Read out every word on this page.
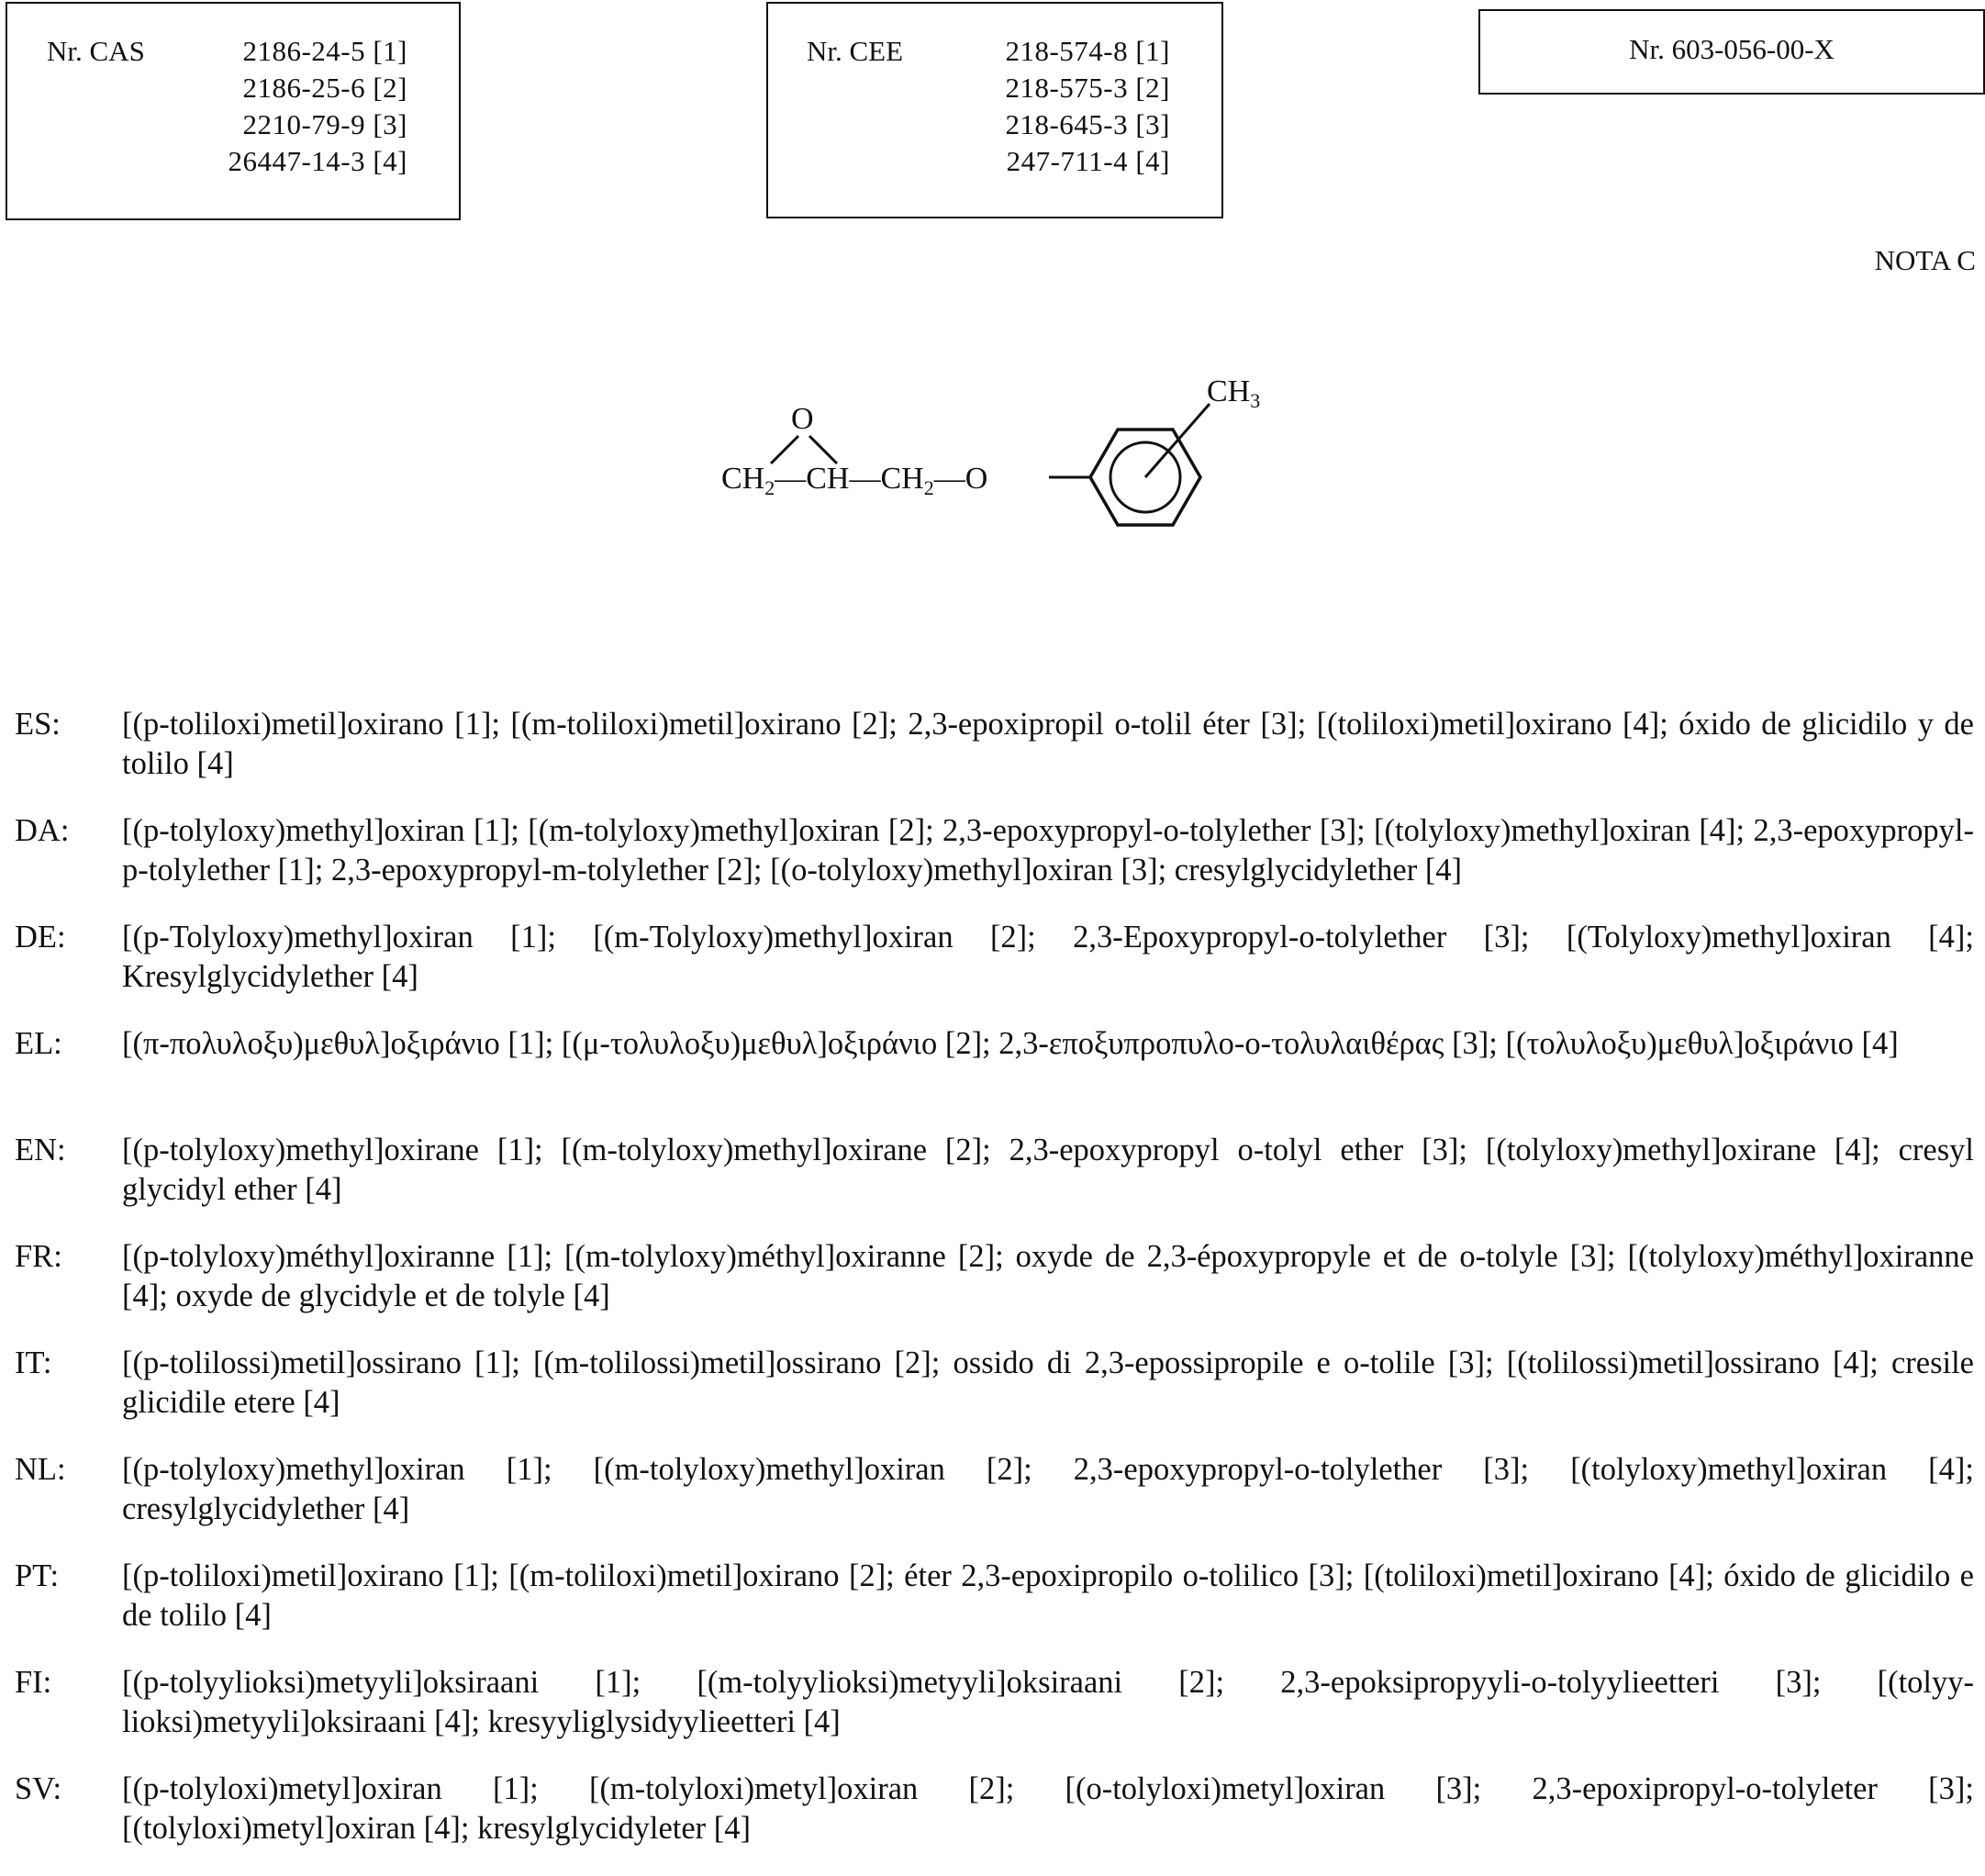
Nr. CAS	2186-24-5 [1]
2186-25-6 [2]
2210-79-9 [3]
26447-14-3 [4]
Nr. CEE	218-574-8 [1]
218-575-3 [2]
218-645-3 [3]
247-711-4 [4]
Nr. 603-056-00-X
NOTA C
O
$CH_2—CH—CH_2—O$
$CH_3$
ES: [(p-toliloxi)metil]oxirano [1]; [(m-toliloxi)metil]oxirano [2]; 2,3-epoxipropil o-tolil éter [3]; [(toliloxi)metil]oxirano [4]; óxido de glicidilo y de tolilo [4]
DA: [(p-tolyloxy)methyl]oxiran [1]; [(m-tolyloxy)methyl]oxiran [2]; 2,3-epoxypropyl-o-tolylether [3]; [(tolyloxy)methyl]oxiran [4]; 2,3-epoxypropyl-p-tolylether [1]; 2,3-epoxypropyl-m-tolylether [2]; [(o-tolyloxy)methyl]oxiran [3]; cresylglycidylether [4]
DE: [(p-Tolyloxy)methyl]oxiran [1]; [(m-Tolyloxy)methyl]oxiran [2]; 2,3-Epoxypropyl-o-tolylether [3]; [(Tolyloxy)methyl]oxiran [4]; Kresylglycidylether [4]
EL: [(π-πολυλοξυ)μεθυλ]οξιράνιο [1]; [(μ-τολυλοξυ)μεθυλ]οξιράνιο [2]; 2,3-εποξυπροπυλο-ο-τολυλαιθέρας [3]; [(τολυλοξυ)μεθυλ]οξιράνιο [4]
EN: [(p-tolyloxy)methyl]oxirane [1]; [(m-tolyloxy)methyl]oxirane [2]; 2,3-epoxypropyl o-tolyl ether [3]; [(tolyloxy)methyl]oxirane [4]; cresyl glycidyl ether [4]
FR: [(p-tolyloxy)méthyl]oxiranne [1]; [(m-tolyloxy)méthyl]oxiranne [2]; oxyde de 2,3-époxypropyle et de o-tolyle [3]; [(tolyloxy)méthyl]oxiranne [4]; oxyde de glycidyle et de tolyle [4]
IT: [(p-tolilossi)metil]ossirano [1]; [(m-tolilossi)metil]ossirano [2]; ossido di 2,3-epossipropile e o-tolile [3]; [(tolilossi)metil]ossirano [4]; cresile glicidile etere [4]
NL: [(p-tolyloxy)methyl]oxiran [1]; [(m-tolyloxy)methyl]oxiran [2]; 2,3-epoxypropyl-o-tolylether [3]; [(tolyloxy)methyl]oxiran [4]; cresylglycidylether [4]
PT: [(p-toliloxi)metil]oxirano [1]; [(m-toliloxi)metil]oxirano [2]; éter 2,3-epoxipropilo o-tolilico [3]; [(toliloxi)metil]oxirano [4]; óxido de glicidilo e de tolilo [4]
FI: [(p-tolyylioksi)metyyli]oksiraani [1]; [(m-tolyylioksi)metyyli]oksiraani [2]; 2,3-epoksipropyyli-o-tolyylieetteri [3]; [(tolyy-lioksi)metyyli]oksiraani [4]; kresyyliglysidyylieetteri [4]
SV: [(p-tolyloxi)metyl]oxiran [1]; [(m-tolyloxi)metyl]oxiran [2]; [(o-tolyloxi)metyl]oxiran [3]; 2,3-epoxipropyl-o-tolyleter [3]; [(tolyloxi)metyl]oxiran [4]; kresylglycidyleter [4]
